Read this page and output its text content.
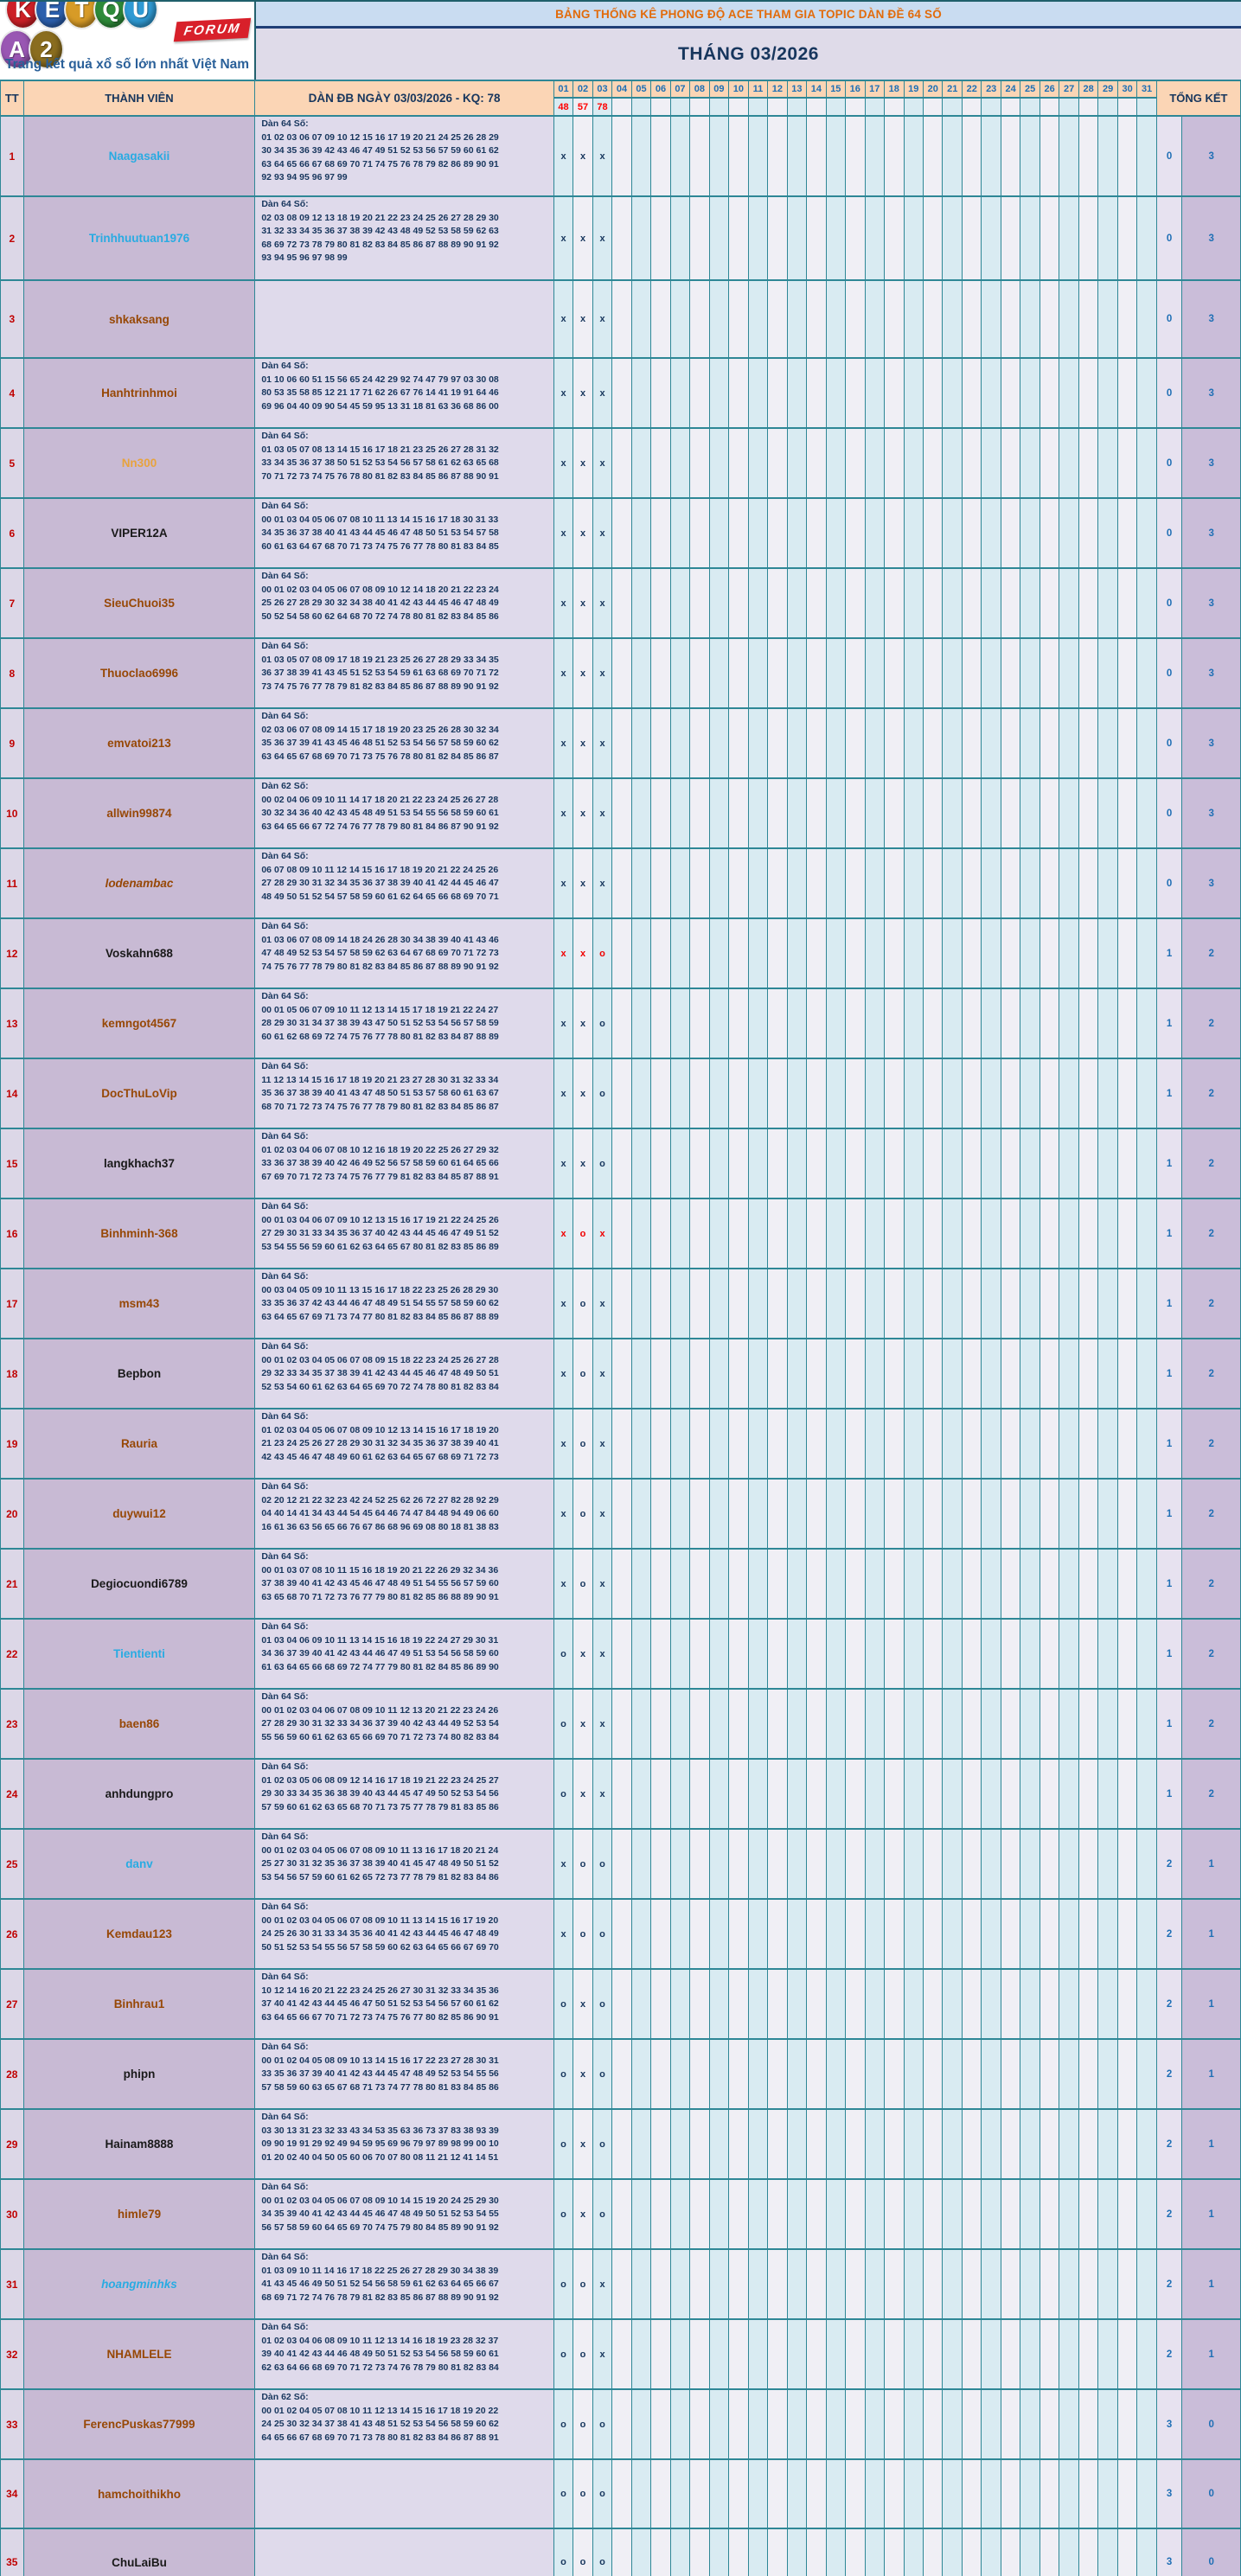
K E T Q UA 2
FORUM
Trang kết quả xổ số lớn nhất Việt Nam
BẢNG THỐNG KÊ PHONG ĐỘ ACE THAM GIA TOPIC DÀN ĐỀ 64 SỐ
THÁNG 03/2026
TT	THÀNH VIÊN	DÀN ĐB NGÀY 03/03/2026 - KQ: 78	01	02	03	04	05	06	07	08	09	10	11	12	13	14	15	16	17	18	19	20	21	22	23	24	25	26	27	28	29	30	31	TỔNG KẾT	
			48	57	78																														
1	Naagasakii	Dàn 64 Số:
01 02 03 06 07 09 10 12 15 16 17 19 20 21 24 25 26 28 29
30 34 35 36 39 42 43 46 47 49 51 52 53 56 57 59 60 61 62
63 64 65 66 67 68 69 70 71 74 75 76 78 79 82 86 89 90 91
92 93 94 95 96 97 99	x	x	x																													0	3
2	Trinhhuutuan1976	Dàn 64 Số:
02 03 08 09 12 13 18 19 20 21 22 23 24 25 26 27 28 29 30
31 32 33 34 35 36 37 38 39 42 43 48 49 52 53 58 59 62 63
68 69 72 73 78 79 80 81 82 83 84 85 86 87 88 89 90 91 92
93 94 95 96 97 98 99	x	x	x																													0	3
3	shkaksang		x	x	x																													0	3
4	Hanhtrinhmoi	Dàn 64 Số:
01 10 06 60 51 15 56 65 24 42 29 92 74 47 79 97 03 30 08
80 53 35 58 85 12 21 17 71 62 26 67 76 14 41 19 91 64 46
69 96 04 40 09 90 54 45 59 95 13 31 18 81 63 36 68 86 00	x	x	x																													0	3
5	Nn300	Dàn 64 Số:
01 03 05 07 08 13 14 15 16 17 18 21 23 25 26 27 28 31 32
33 34 35 36 37 38 50 51 52 53 54 56 57 58 61 62 63 65 68
70 71 72 73 74 75 76 78 80 81 82 83 84 85 86 87 88 90 91	x	x	x																													0	3
6	VIPER12A	Dàn 64 Số:
00 01 03 04 05 06 07 08 10 11 13 14 15 16 17 18 30 31 33
34 35 36 37 38 40 41 43 44 45 46 47 48 50 51 53 54 57 58
60 61 63 64 67 68 70 71 73 74 75 76 77 78 80 81 83 84 85	x	x	x																													0	3
7	SieuChuoi35	Dàn 64 Số:
00 01 02 03 04 05 06 07 08 09 10 12 14 18 20 21 22 23 24
25 26 27 28 29 30 32 34 38 40 41 42 43 44 45 46 47 48 49
50 52 54 58 60 62 64 68 70 72 74 78 80 81 82 83 84 85 86	x	x	x																													0	3
8	Thuoclao6996	Dàn 64 Số:
01 03 05 07 08 09 17 18 19 21 23 25 26 27 28 29 33 34 35
36 37 38 39 41 43 45 51 52 53 54 59 61 63 68 69 70 71 72
73 74 75 76 77 78 79 81 82 83 84 85 86 87 88 89 90 91 92	x	x	x																													0	3
9	emvatoi213	Dàn 64 Số:
02 03 06 07 08 09 14 15 17 18 19 20 23 25 26 28 30 32 34
35 36 37 39 41 43 45 46 48 51 52 53 54 56 57 58 59 60 62
63 64 65 67 68 69 70 71 73 75 76 78 80 81 82 84 85 86 87	x	x	x																													0	3
10	allwin99874	Dàn 62 Số:
00 02 04 06 09 10 11 14 17 18 20 21 22 23 24 25 26 27 28
30 32 34 36 40 42 43 45 48 49 51 53 54 55 56 58 59 60 61
63 64 65 66 67 72 74 76 77 78 79 80 81 84 86 87 90 91 92	x	x	x																													0	3
11	lodenambac	Dàn 64 Số:
06 07 08 09 10 11 12 14 15 16 17 18 19 20 21 22 24 25 26
27 28 29 30 31 32 34 35 36 37 38 39 40 41 42 44 45 46 47
48 49 50 51 52 54 57 58 59 60 61 62 64 65 66 68 69 70 71	x	x	x																													0	3
12	Voskahn688	Dàn 64 Số:
01 03 06 07 08 09 14 18 24 26 28 30 34 38 39 40 41 43 46
47 48 49 52 53 54 57 58 59 62 63 64 67 68 69 70 71 72 73
74 75 76 77 78 79 80 81 82 83 84 85 86 87 88 89 90 91 92	x	x	o																													1	2
13	kemngot4567	Dàn 64 Số:
00 01 05 06 07 09 10 11 12 13 14 15 17 18 19 21 22 24 27
28 29 30 31 34 37 38 39 43 47 50 51 52 53 54 56 57 58 59
60 61 62 68 69 72 74 75 76 77 78 80 81 82 83 84 87 88 89	x	x	o																													1	2
14	DocThuLoVip	Dàn 64 Số:
11 12 13 14 15 16 17 18 19 20 21 23 27 28 30 31 32 33 34
35 36 37 38 39 40 41 43 47 48 50 51 53 57 58 60 61 63 67
68 70 71 72 73 74 75 76 77 78 79 80 81 82 83 84 85 86 87	x	x	o																													1	2
15	langkhach37	Dàn 64 Số:
01 02 03 04 06 07 08 10 12 16 18 19 20 22 25 26 27 29 32
33 36 37 38 39 40 42 46 49 52 56 57 58 59 60 61 64 65 66
67 69 70 71 72 73 74 75 76 77 79 81 82 83 84 85 87 88 91	x	x	o																													1	2
16	Binhminh-368	Dàn 64 Số:
00 01 03 04 06 07 09 10 12 13 15 16 17 19 21 22 24 25 26
27 29 30 31 33 34 35 36 37 40 42 43 44 45 46 47 49 51 52
53 54 55 56 59 60 61 62 63 64 65 67 80 81 82 83 85 86 89	x	o	x																													1	2
17	msm43	Dàn 64 Số:
00 03 04 05 09 10 11 13 15 16 17 18 22 23 25 26 28 29 30
33 35 36 37 42 43 44 46 47 48 49 51 54 55 57 58 59 60 62
63 64 65 67 69 71 73 74 77 80 81 82 83 84 85 86 87 88 89	x	o	x																													1	2
18	Bepbon	Dàn 64 Số:
00 01 02 03 04 05 06 07 08 09 15 18 22 23 24 25 26 27 28
29 32 33 34 35 37 38 39 41 42 43 44 45 46 47 48 49 50 51
52 53 54 60 61 62 63 64 65 69 70 72 74 78 80 81 82 83 84	x	o	x																													1	2
19	Rauria	Dàn 64 Số:
01 02 03 04 05 06 07 08 09 10 12 13 14 15 16 17 18 19 20
21 23 24 25 26 27 28 29 30 31 32 34 35 36 37 38 39 40 41
42 43 45 46 47 48 49 60 61 62 63 64 65 67 68 69 71 72 73	x	o	x																													1	2
20	duywui12	Dàn 64 Số:
02 20 12 21 22 32 23 42 24 52 25 62 26 72 27 82 28 92 29
04 40 14 41 34 43 44 54 45 64 46 74 47 84 48 94 49 06 60
16 61 36 63 56 65 66 76 67 86 68 96 69 08 80 18 81 38 83	x	o	x																													1	2
21	Degiocuondi6789	Dàn 64 Số:
00 01 03 07 08 10 11 15 16 18 19 20 21 22 26 29 32 34 36
37 38 39 40 41 42 43 45 46 47 48 49 51 54 55 56 57 59 60
63 65 68 70 71 72 73 76 77 79 80 81 82 85 86 88 89 90 91	x	o	x																													1	2
22	Tientienti	Dàn 64 Số:
01 03 04 06 09 10 11 13 14 15 16 18 19 22 24 27 29 30 31
34 36 37 39 40 41 42 43 44 46 47 49 51 53 54 56 58 59 60
61 63 64 65 66 68 69 72 74 77 79 80 81 82 84 85 86 89 90	o	x	x																													1	2
23	baen86	Dàn 64 Số:
00 01 02 03 04 06 07 08 09 10 11 12 13 20 21 22 23 24 26
27 28 29 30 31 32 33 34 36 37 39 40 42 43 44 49 52 53 54
55 56 59 60 61 62 63 65 66 69 70 71 72 73 74 80 82 83 84	o	x	x																													1	2
24	anhdungpro	Dàn 64 Số:
01 02 03 05 06 08 09 12 14 16 17 18 19 21 22 23 24 25 27
29 30 33 34 35 36 38 39 40 43 44 45 47 49 50 52 53 54 56
57 59 60 61 62 63 65 68 70 71 73 75 77 78 79 81 83 85 86	o	x	x																													1	2
25	danv	Dàn 64 Số:
00 01 02 03 04 05 06 07 08 09 10 11 13 16 17 18 20 21 24
25 27 30 31 32 35 36 37 38 39 40 41 45 47 48 49 50 51 52
53 54 56 57 59 60 61 62 65 72 73 77 78 79 81 82 83 84 86	x	o	o																													2	1
26	Kemdau123	Dàn 64 Số:
00 01 02 03 04 05 06 07 08 09 10 11 13 14 15 16 17 19 20
24 25 26 30 31 33 34 35 36 40 41 42 43 44 45 46 47 48 49
50 51 52 53 54 55 56 57 58 59 60 62 63 64 65 66 67 69 70	x	o	o																													2	1
27	Binhrau1	Dàn 64 Số:
10 12 14 16 20 21 22 23 24 25 26 27 30 31 32 33 34 35 36
37 40 41 42 43 44 45 46 47 50 51 52 53 54 56 57 60 61 62
63 64 65 66 67 70 71 72 73 74 75 76 77 80 82 85 86 90 91	o	x	o																													2	1
28	phipn	Dàn 64 Số:
00 01 02 04 05 08 09 10 13 14 15 16 17 22 23 27 28 30 31
33 35 36 37 39 40 41 42 43 44 45 47 48 49 52 53 54 55 56
57 58 59 60 63 65 67 68 71 73 74 77 78 80 81 83 84 85 86	o	x	o																													2	1
29	Hainam8888	Dàn 64 Số:
03 30 13 31 23 32 33 43 34 53 35 63 36 73 37 83 38 93 39
09 90 19 91 29 92 49 94 59 95 69 96 79 97 89 98 99 00 10
01 20 02 40 04 50 05 60 06 70 07 80 08 11 21 12 41 14 51	o	x	o																													2	1
30	himle79	Dàn 64 Số:
00 01 02 03 04 05 06 07 08 09 10 14 15 19 20 24 25 29 30
34 35 39 40 41 42 43 44 45 46 47 48 49 50 51 52 53 54 55
56 57 58 59 60 64 65 69 70 74 75 79 80 84 85 89 90 91 92	o	x	o																													2	1
31	hoangminhks	Dàn 64 Số:
01 03 09 10 11 14 16 17 18 22 25 26 27 28 29 30 34 38 39
41 43 45 46 49 50 51 52 54 56 58 59 61 62 63 64 65 66 67
68 69 71 72 74 76 78 79 81 82 83 85 86 87 88 89 90 91 92	o	o	x																													2	1
32	NHAMLELE	Dàn 64 Số:
01 02 03 04 06 08 09 10 11 12 13 14 16 18 19 23 28 32 37
39 40 41 42 43 44 46 48 49 50 51 52 53 54 56 58 59 60 61
62 63 64 66 68 69 70 71 72 73 74 76 78 79 80 81 82 83 84	o	o	x																													2	1
33	FerencPuskas77999	Dàn 62 Số:
00 01 02 04 05 07 08 10 11 12 13 14 15 16 17 18 19 20 22
24 25 30 32 34 37 38 41 43 48 51 52 53 54 56 58 59 60 62
64 65 66 67 68 69 70 71 73 78 80 81 82 83 84 86 87 88 91	o	o	o																													3	0
34	hamchoithikho		o	o	o																													3	0
35	ChuLaiBu		o	o	o																													3	0
